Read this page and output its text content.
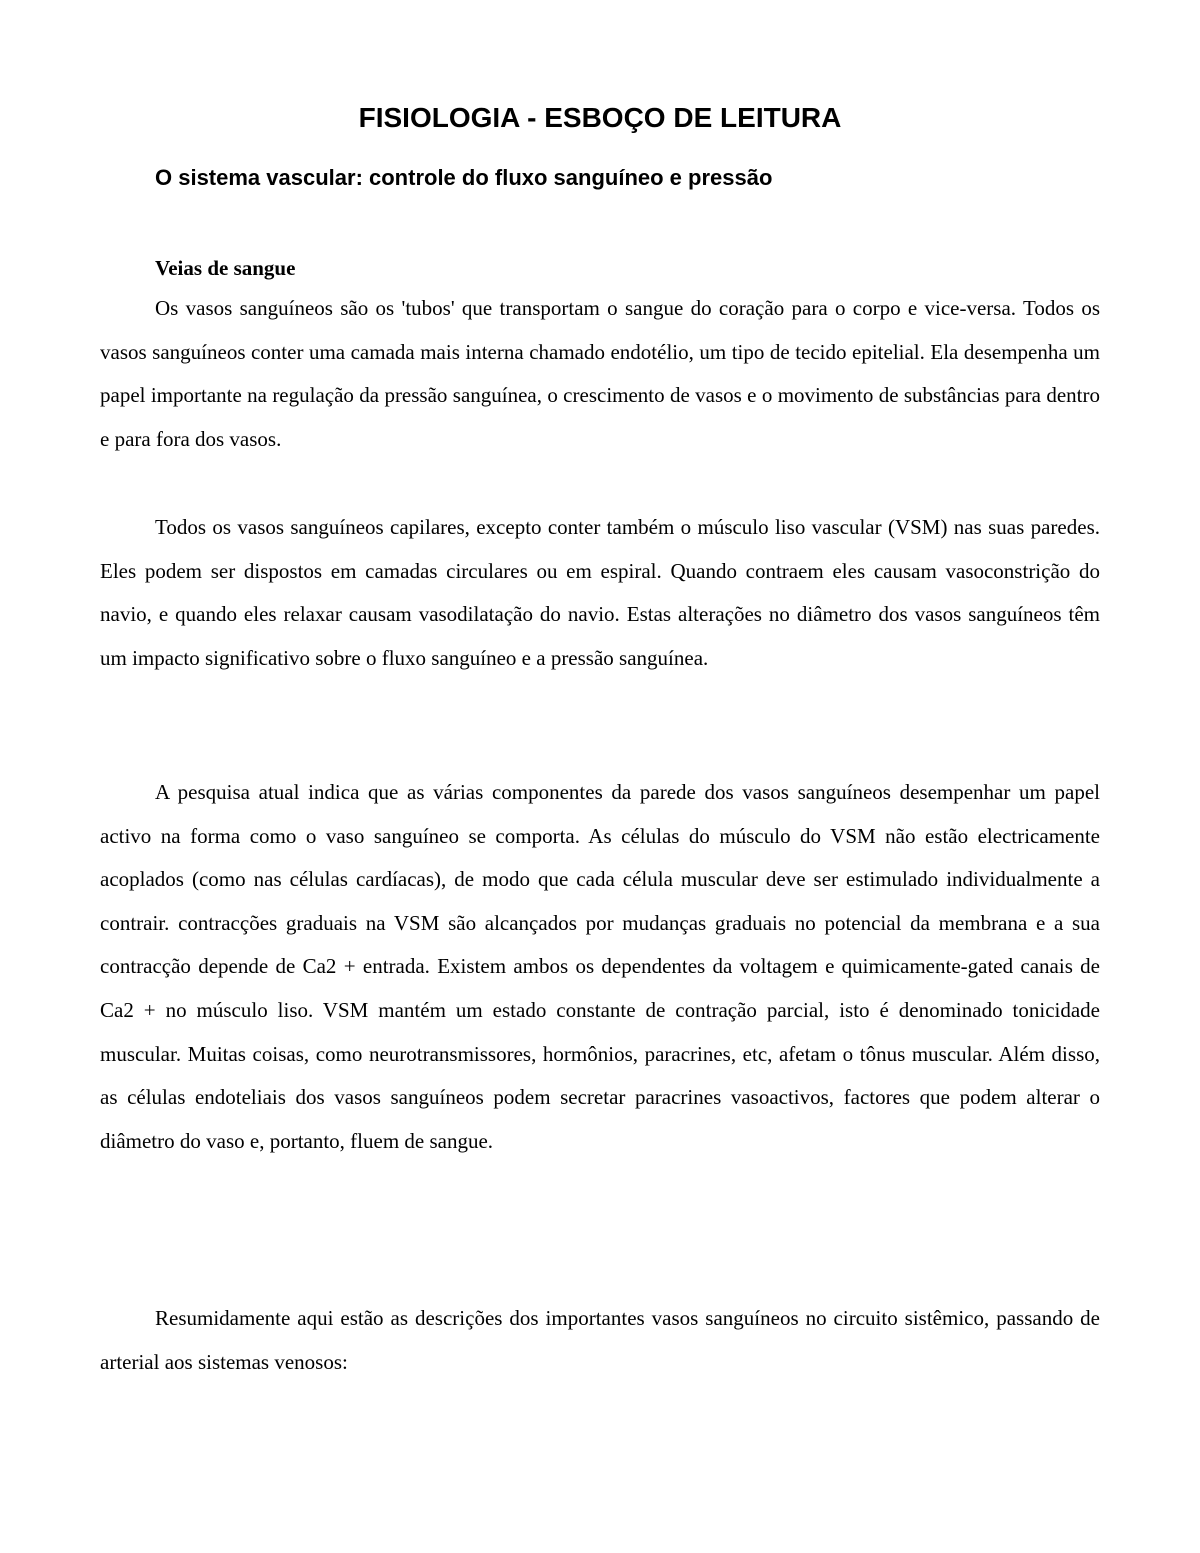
FISIOLOGIA - ESBOÇO DE LEITURA
O sistema vascular: controle do fluxo sanguíneo e pressão
Veias de sangue

Os vasos sanguíneos são os 'tubos' que transportam o sangue do coração para o corpo e vice-versa. Todos os vasos sanguíneos conter uma camada mais interna chamado endotélio, um tipo de tecido epitelial. Ela desempenha um papel importante na regulação da pressão sanguínea, o crescimento de vasos e o movimento de substâncias para dentro e para fora dos vasos.

Todos os vasos sanguíneos capilares, excepto conter também o músculo liso vascular (VSM) nas suas paredes. Eles podem ser dispostos em camadas circulares ou em espiral. Quando contraem eles causam vasoconstrição do navio, e quando eles relaxar causam vasodilatação do navio. Estas alterações no diâmetro dos vasos sanguíneos têm um impacto significativo sobre o fluxo sanguíneo e a pressão sanguínea.

A pesquisa atual indica que as várias componentes da parede dos vasos sanguíneos desempenhar um papel activo na forma como o vaso sanguíneo se comporta. As células do músculo do VSM não estão electricamente acoplados (como nas células cardíacas), de modo que cada célula muscular deve ser estimulado individualmente a contrair. contracções graduais na VSM são alcançados por mudanças graduais no potencial da membrana e a sua contracção depende de Ca2 + entrada. Existem ambos os dependentes da voltagem e quimicamente-gated canais de Ca2 + no músculo liso. VSM mantém um estado constante de contração parcial, isto é denominado tonicidade muscular. Muitas coisas, como neurotransmissores, hormônios, paracrines, etc, afetam o tônus muscular. Além disso, as células endoteliais dos vasos sanguíneos podem secretar paracrines vasoactivos, factores que podem alterar o diâmetro do vaso e, portanto, fluem de sangue.

Resumidamente aqui estão as descrições dos importantes vasos sanguíneos no circuito sistêmico, passando de arterial aos sistemas venosos:
